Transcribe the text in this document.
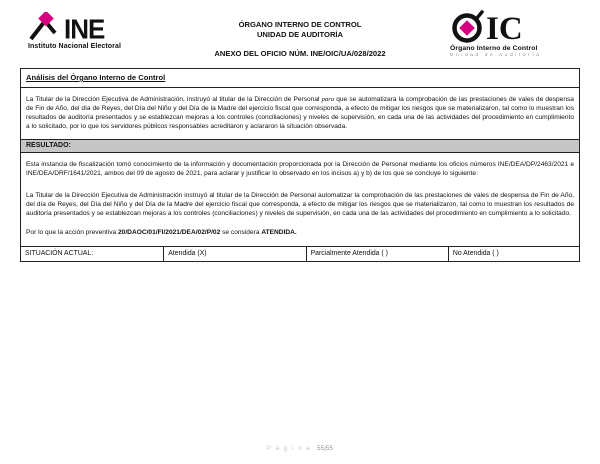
INE
Instituto Nacional Electoral
ÓRGANO INTERNO DE CONTROL
UNIDAD DE AUDITORÍA
ANEXO DEL OFICIO NÚM. INE/OIC/UA/028/2022
IC
Órgano Interno de Control
Unidad de Auditoría
Análisis del Órgano Interno de Control
La Titular de la Dirección Ejecutiva de Administración, instruyó al titular de la Dirección de Personal para que se automatizara la comprobación de las prestaciones de vales de despensa de Fin de Año, del día de Reyes, del Día del Niño y del Día de la Madre del ejercicio fiscal que corresponda, a efecto de mitigar los riesgos que se materializaron, tal como lo muestran los resultados de auditoría presentados y se establezcan mejoras a los controles (conciliaciones) y niveles de supervisión, en cada una de las actividades del procedimiento en cumplimiento a lo solicitado, por lo que los servidores públicos responsables acreditaron y aclararon la situación observada.
RESULTADO:

Esta instancia de fiscalización tomó conocimiento de la información y documentación proporcionada por la Dirección de Personal mediante los oficios números INE/DEA/DP/2463/2021 e INE/DEA/DRF/1641/2021, ambos del 09 de agosto de 2021, para aclarar y justificar lo observado en los incisos a) y b) de los que se concluye lo siguiente:

La Titular de la Dirección Ejecutiva de Administración instruyó al titular de la Dirección de Personal automatizar la comprobación de las prestaciones de vales de despensa de Fin de Año, del día de Reyes, del Día del Niño y del Día de la Madre del ejercicio fiscal que corresponda, a efecto de mitigar los riesgos que se materializaron, tal como lo muestran los resultados de auditoría presentados y se establezcan mejoras a los controles (conciliaciones) y niveles de supervisión, en cada una de las actividades del procedimiento en cumplimiento a lo solicitado.

Por lo que la acción preventiva 20/DAOC/01/FI/2021/DEA/02/P/02 se considera ATENDIDA.

SITUACIÓN ACTUAL:	Atendida (X)	Parcialmente Atendida ( )	No Atendida ( )
P á g i n a 55|55
